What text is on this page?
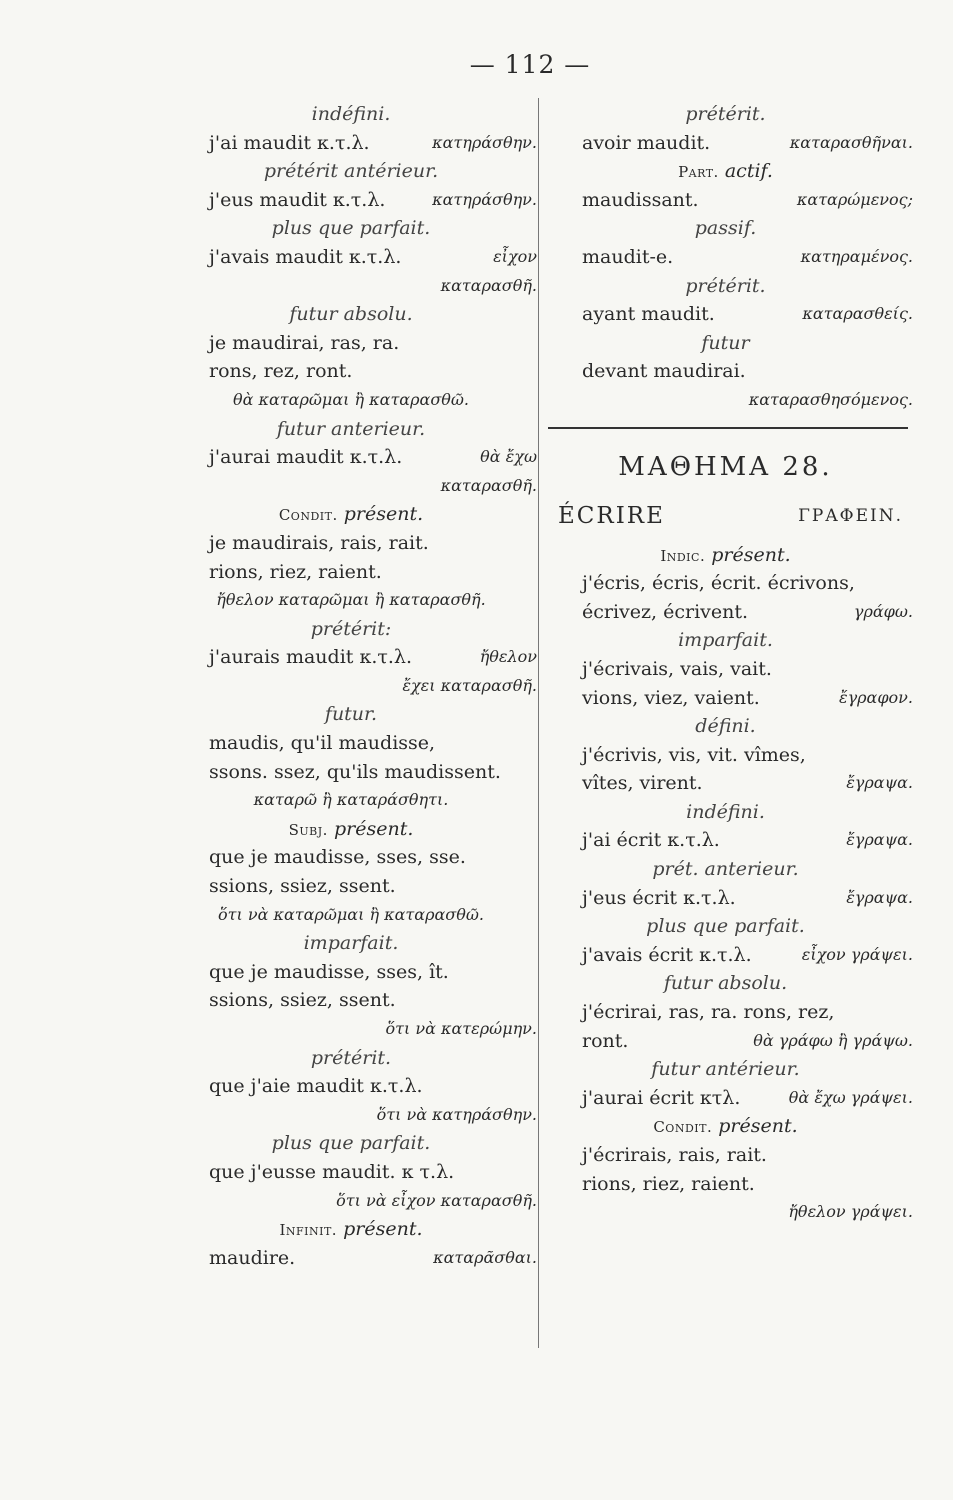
— 112 —
indéfini.
j'ai maudit κ.τ.λ.	κατηράσθην.
prétérit antérieur.
j'eus maudit κ.τ.λ.	κατηράσθην.
plus que parfait.
j'avais maudit κ.τ.λ.	εἶχον
καταρασθῆ.
futur absolu.
je maudirai, ras, ra.
rons, rez, ront.
θὰ καταρῶμαι ἢ καταρασθῶ.
futur anterieur.
j'aurai maudit κ.τ.λ.	θὰ ἔχω
καταρασθῆ.
Condit. présent.
je maudirais, rais, rait.
rions, riez, raient.
ἤθελον καταρῶμαι ἢ καταρασθῆ.
prétérit:
j'aurais maudit κ.τ.λ.	ἤθελον
ἔχει καταρασθῆ.
futur.
maudis, qu'il maudisse,
ssons. ssez, qu'ils maudissent.
καταρῶ ἢ καταράσθητι.
Subj. présent.
que je maudisse, sses, sse.
ssions, ssiez, ssent.
ὅτι νὰ καταρῶμαι ἢ καταρασθῶ.
imparfait.
que je maudisse, sses, ît.
ssions, ssiez, ssent.
ὅτι νὰ κατερώμην.
prétérit.
que j'aie maudit κ.τ.λ.
ὅτι νὰ κατηράσθην.
plus que parfait.
que j'eusse maudit. κ τ.λ.
ὅτι νὰ εἶχον καταρασθῆ.
Infinit. présent.
maudire.	καταρᾶσθαι.
prétérit.
avoir maudit.	καταρασθῆναι.
Part. actif.
maudissant.	καταρώμενος;
passif.
maudit-e.	κατηραμένος.
prétérit.
ayant maudit.	καταρασθείς.
futur
devant maudirai.
καταρασθησόμενος.
ΜΑΘΗΜΑ 28.
ÉCRIRE	ΓΡΑΦΕΙΝ.
Indic. présent.
j'écris, écris, écrit. écrivons,
écrivez, écrivent.	γράφω.
imparfait.
j'écrivais, vais, vait.
vions, viez, vaient.	ἔγραφον.
défini.
j'écrivis, vis, vit. vîmes,
vîtes, virent.	ἔγραψα.
indéfini.
j'ai écrit κ.τ.λ.	ἔγραψα.
prét. anterieur.
j'eus écrit κ.τ.λ.	ἔγραψα.
plus que parfait.
j'avais écrit κ.τ.λ.	εἶχον γράψει.
futur absolu.
j'écrirai, ras, ra. rons, rez,
ront.	θὰ γράφω ἢ γράψω.
futur antérieur.
j'aurai écrit κτλ.	θὰ ἔχω γράψει.
Condit. présent.
j'écrirais, rais, rait.
rions, riez, raient.
ἤθελον γράψει.
